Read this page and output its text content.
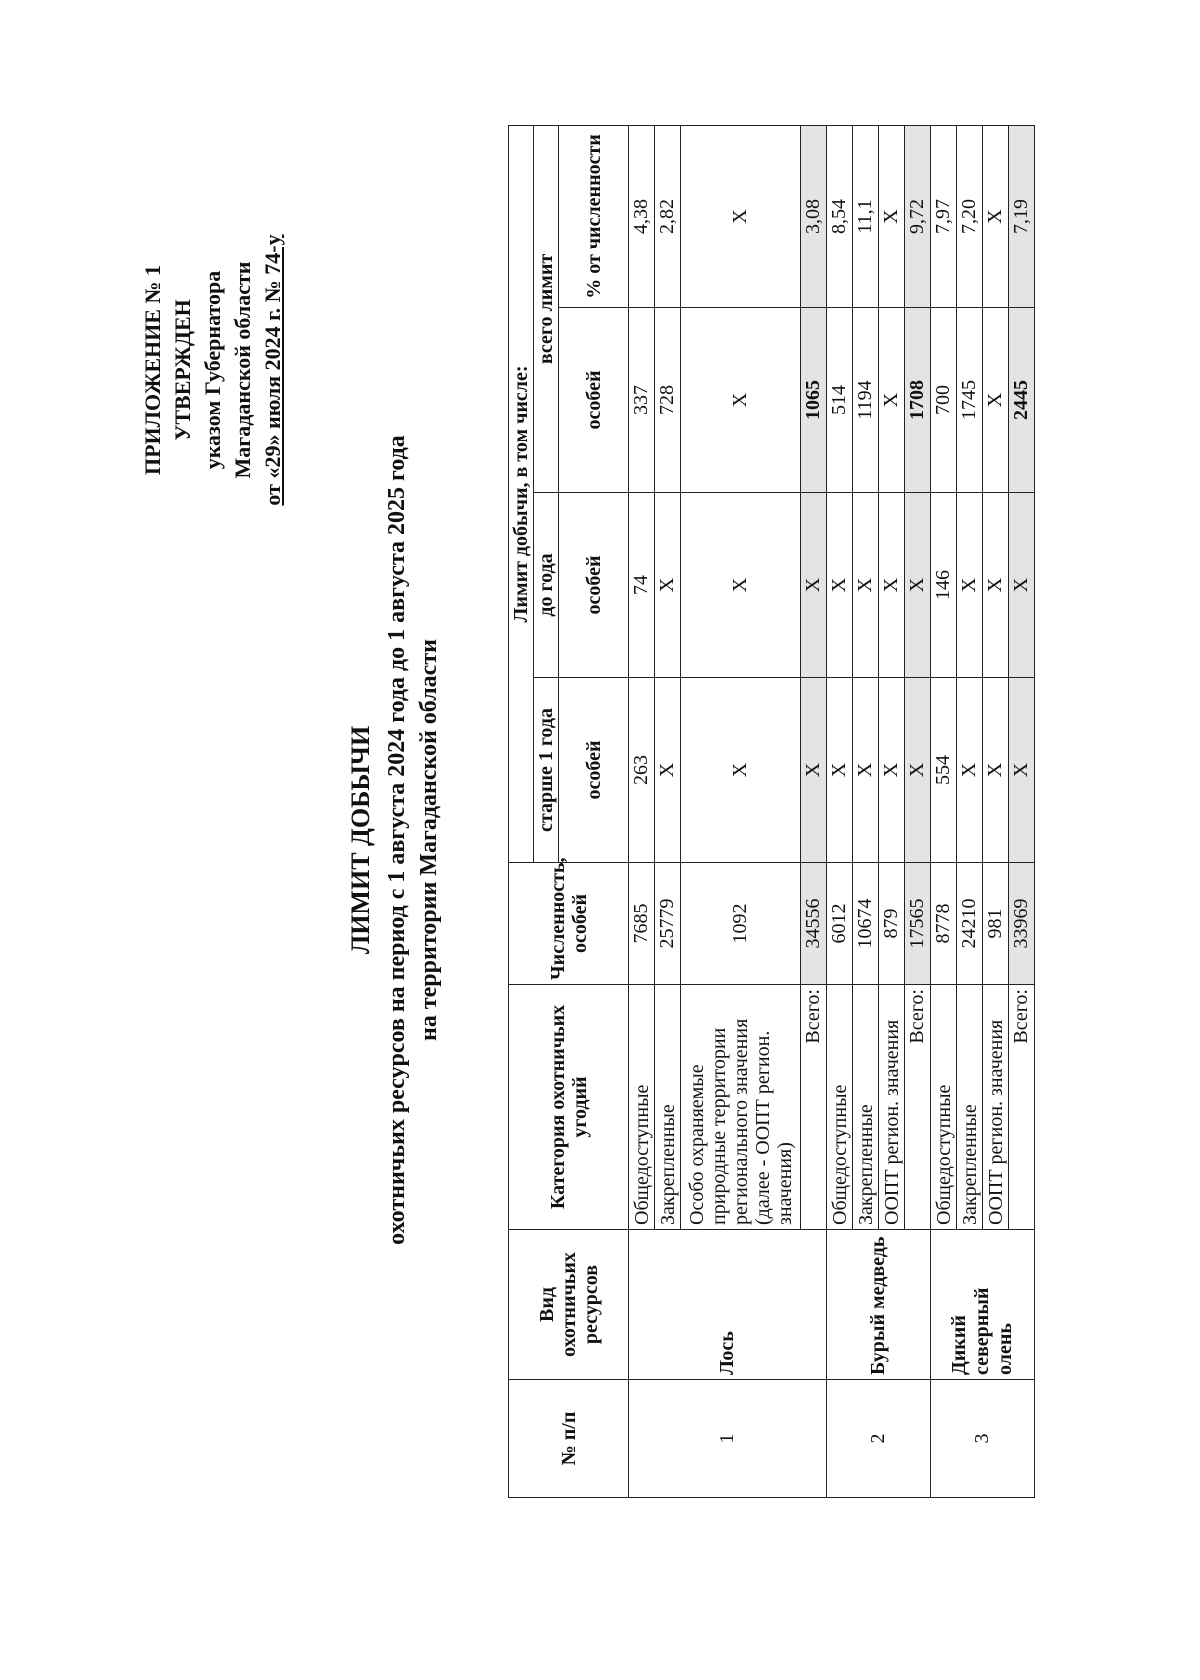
ПРИЛОЖЕНИЕ № 1 УТВЕРЖДЕН указом Губернатора Магаданской области от «29» июля 2024 г. № 74-у
ЛИМИТ ДОБЫЧИ охотничьих ресурсов на период с 1 августа 2024 года до 1 августа 2025 года на территории Магаданской области
№ п/п	Вид охотничьих ресурсов	Категория охотничьих угодий	Численность, особей	Лимит добычи, в том числе:			
				старше 1 года	до года	всего лимит	
				особей	особей	особей	% от численности
1	Лось	Общедоступные	7685	263	74	337	4,38
		Закрепленные	25779	Х	Х	728	2,82
		Особо охраняемые природные территории регионального значения (далее - ООПТ регион. значения)	1092	Х	Х	Х	Х
		Всего:	34556	Х	Х	1065	3,08
2	Бурый медведь	Общедоступные	6012	Х	Х	514	8,54
		Закрепленные	10674	Х	Х	1194	11,1
		ООПТ регион. значения	879	Х	Х	Х	Х
		Всего:	17565	Х	Х	1708	9,72
3	Дикий северный олень	Общедоступные	8778	554	146	700	7,97
		Закрепленные	24210	Х	Х	1745	7,20
		ООПТ регион. значения	981	Х	Х	Х	Х
		Всего:	33969	Х	Х	2445	7,19
